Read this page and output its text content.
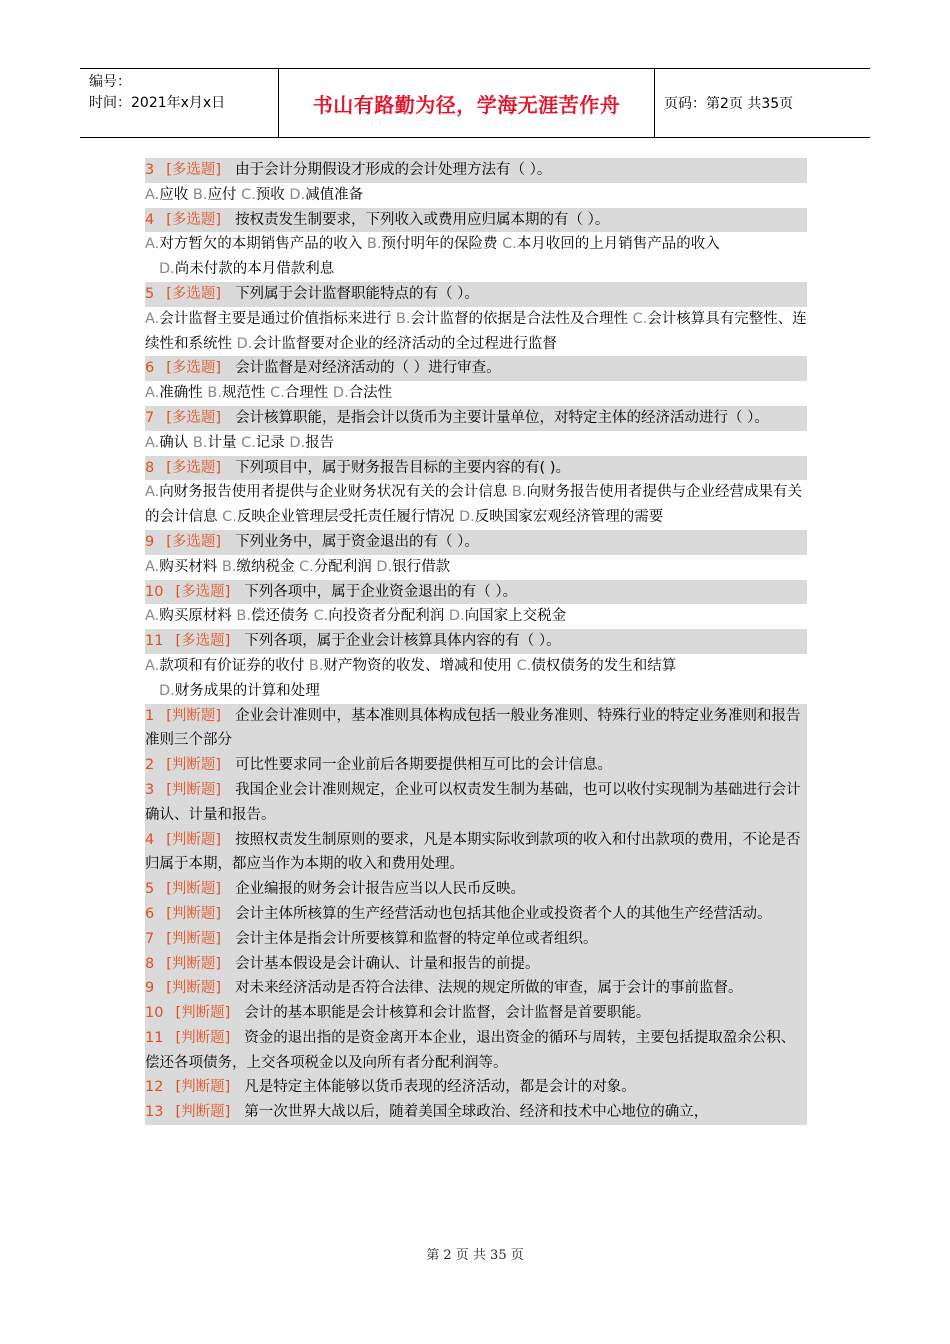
编号：
时间：2021年x月x日	书山有路勤为径，学海无涯苦作舟	页码：第2页 共35页
3 [多选题] 由于会计分期假设才形成的会计处理方法有（ ）。
A.应收 B.应付 C.预收 D.减值准备
4 [多选题] 按权责发生制要求，下列收入或费用应归属本期的有（ ）。
A.对方暂欠的本期销售产品的收入 B.预付明年的保险费 C.本月收回的上月销售产品的收入
D.尚未付款的本月借款利息
5 [多选题] 下列属于会计监督职能特点的有（ ）。
A.会计监督主要是通过价值指标来进行 B.会计监督的依据是合法性及合理性 C.会计核算具有完整性、连续性和系统性 D.会计监督要对企业的经济活动的全过程进行监督
6 [多选题] 会计监督是对经济活动的（ ）进行审查。
A.准确性 B.规范性 C.合理性 D.合法性
7 [多选题] 会计核算职能，是指会计以货币为主要计量单位，对特定主体的经济活动进行（ ）。
A.确认 B.计量 C.记录 D.报告
8 [多选题] 下列项目中，属于财务报告目标的主要内容的有( )。
A.向财务报告使用者提供与企业财务状况有关的会计信息 B.向财务报告使用者提供与企业经营成果有关的会计信息 C.反映企业管理层受托责任履行情况 D.反映国家宏观经济管理的需要
9 [多选题] 下列业务中，属于资金退出的有（ ）。
A.购买材料 B.缴纳税金 C.分配利润 D.银行借款
10 [多选题] 下列各项中，属于企业资金退出的有（ ）。
A.购买原材料 B.偿还债务 C.向投资者分配利润 D.向国家上交税金
11 [多选题] 下列各项，属于企业会计核算具体内容的有（ ）。
A.款项和有价证券的收付 B.财产物资的收发、增减和使用 C.债权债务的发生和结算
D.财务成果的计算和处理
1 [判断题] 企业会计准则中，基本准则具体构成包括一般业务准则、特殊行业的特定业务准则和报告准则三个部分
2 [判断题] 可比性要求同一企业前后各期要提供相互可比的会计信息。
3 [判断题] 我国企业会计准则规定，企业可以权责发生制为基础，也可以收付实现制为基础进行会计确认、计量和报告。
4 [判断题] 按照权责发生制原则的要求，凡是本期实际收到款项的收入和付出款项的费用，不论是否归属于本期，都应当作为本期的收入和费用处理。
5 [判断题] 企业编报的财务会计报告应当以人民币反映。
6 [判断题] 会计主体所核算的生产经营活动也包括其他企业或投资者个人的其他生产经营活动。
7 [判断题] 会计主体是指会计所要核算和监督的特定单位或者组织。
8 [判断题] 会计基本假设是会计确认、计量和报告的前提。
9 [判断题] 对未来经济活动是否符合法律、法规的规定所做的审查，属于会计的事前监督。
10 [判断题] 会计的基本职能是会计核算和会计监督，会计监督是首要职能。
11 [判断题] 资金的退出指的是资金离开本企业，退出资金的循环与周转，主要包括提取盈余公积、偿还各项债务，上交各项税金以及向所有者分配利润等。
12 [判断题] 凡是特定主体能够以货币表现的经济活动，都是会计的对象。
13 [判断题] 第一次世界大战以后，随着美国全球政治、经济和技术中心地位的确立，
第 2 页 共 35 页
